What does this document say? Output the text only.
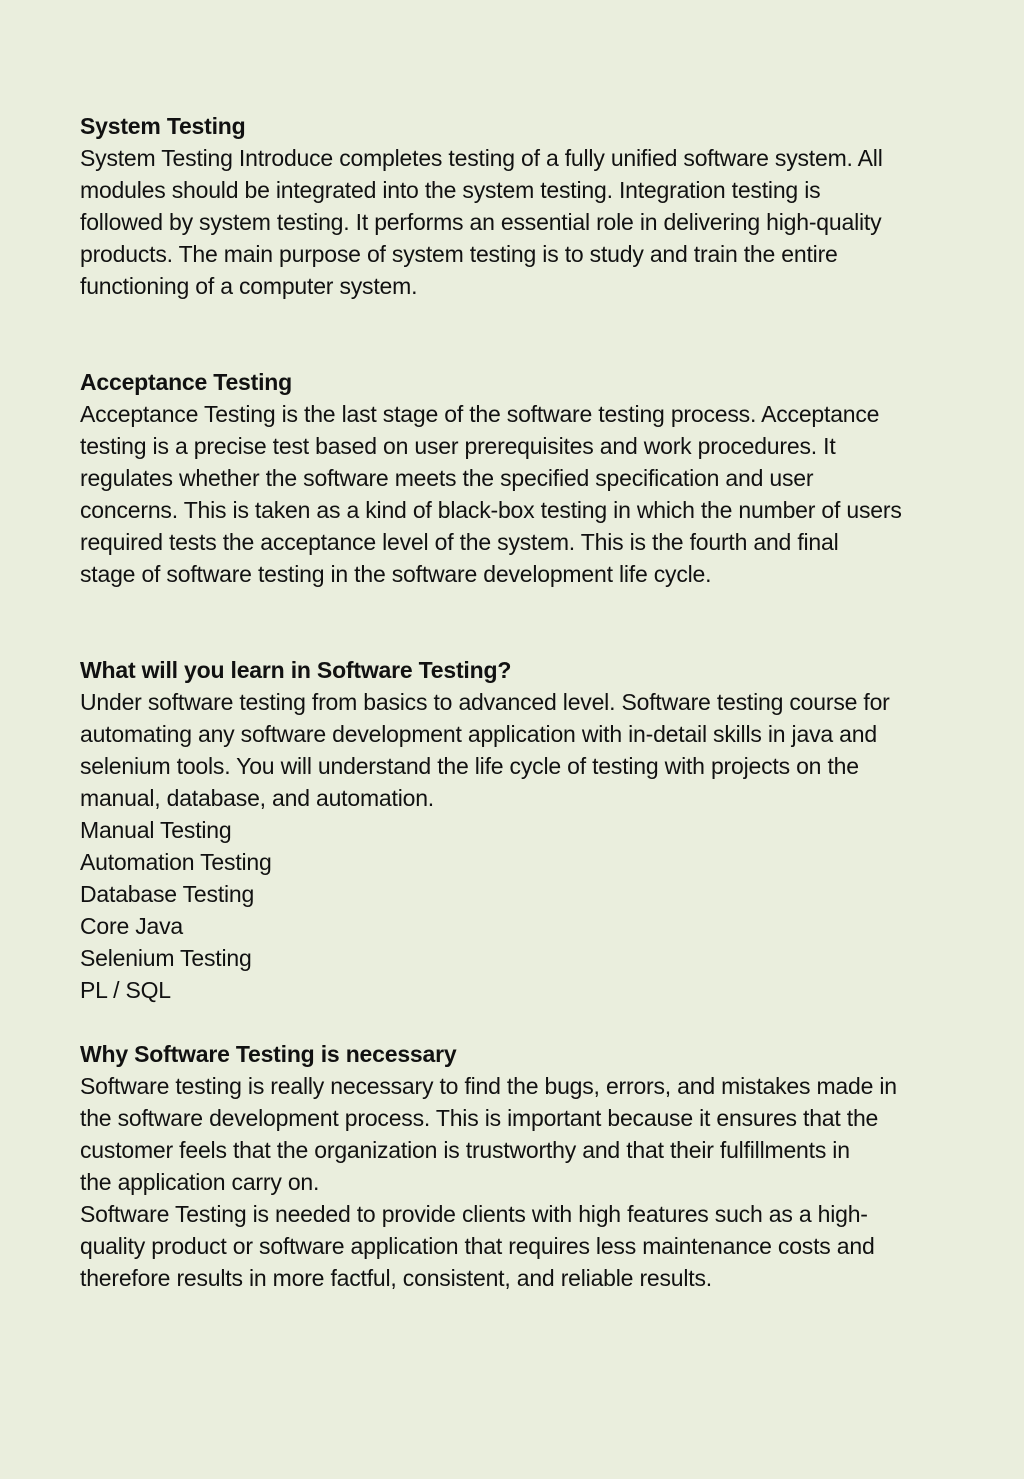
System Testing
System Testing Introduce completes testing of a fully unified software system. All
modules should be integrated into the system testing. Integration testing is
followed by system testing. It performs an essential role in delivering high-quality
products. The main purpose of system testing is to study and train the entire
functioning of a computer system.
Acceptance Testing
Acceptance Testing is the last stage of the software testing process. Acceptance
testing is a precise test based on user prerequisites and work procedures. It
regulates whether the software meets the specified specification and user
concerns. This is taken as a kind of black-box testing in which the number of users
required tests the acceptance level of the system. This is the fourth and final
stage of software testing in the software development life cycle.
What will you learn in Software Testing?
Under software testing from basics to advanced level. Software testing course for
automating any software development application with in-detail skills in java and
selenium tools. You will understand the life cycle of testing with projects on the
manual, database, and automation.
Manual Testing
Automation Testing
Database Testing
Core Java
Selenium Testing
PL / SQL
Why Software Testing is necessary
Software testing is really necessary to find the bugs, errors, and mistakes made in
the software development process. This is important because it ensures that the
customer feels that the organization is trustworthy and that their fulfillments in
the application carry on.
Software Testing is needed to provide clients with high features such as a high-
quality product or software application that requires less maintenance costs and
therefore results in more factful, consistent, and reliable results.
